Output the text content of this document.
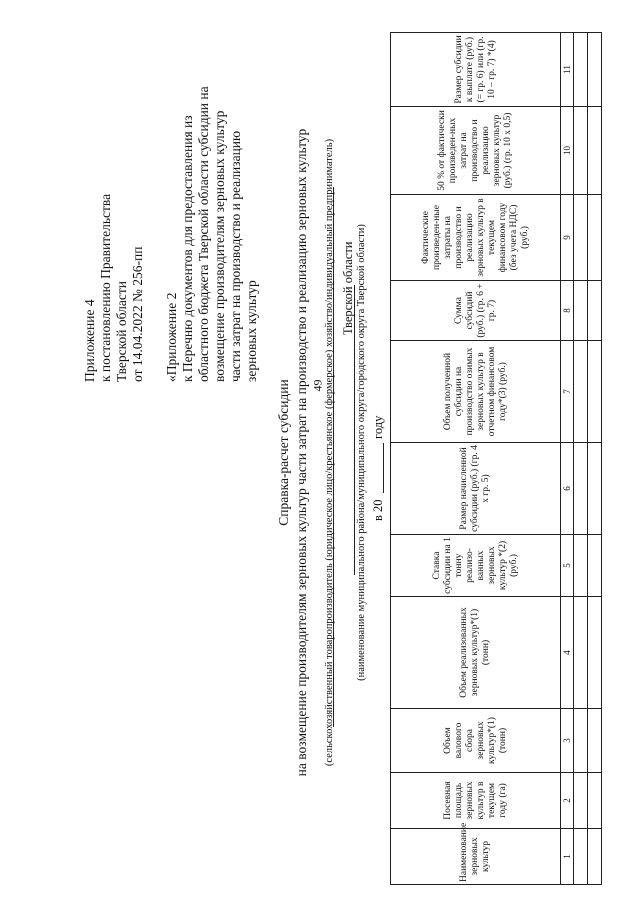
49
Приложение 4 к постановлению Правительства Тверской области от 14.04.2022 № 256-пп «Приложение 2 к Перечню документов для предоставления из областного бюджета Тверской области субсидии на возмещение производителям зерновых культур части затрат на производство и реализацию зерновых культур
Справка-расчет субсидии на возмещение производителям зерновых культур части затрат на производство и реализацию зерновых культур (сельскохозяйственный товаропроизводитель (юридическое лицо/крестьянское (фермерское) хозяйство/индивидуальный предприниматель) Тверской области (наименование муниципального района/муниципального округа/городского округа Тверской области) в 20
году
Наименование зерновых культур	Посевная площадь зерновых культур в текущем году (га)	Объем валового сбора зерновых культур*(1) (тонн)	Объем реализованных зерновых культур*(1) (тонн)	Ставка субсидии на 1 тонну реализо-ванных зерновых культур *(2) (руб.)	Размер начисленной субсидии (руб.) (гр. 4 х гр. 5)	Объем полученной субсидии на производство озимых зерновых культур в отчетном финансовом году*(3) (руб.)	Сумма субсидий (руб.) (гр. 6 + гр. 7)	Фактические произведен-ные затраты на производство и реализацию зерновых культур в текущем финансовом году (без учета НДС) (руб.)	50 % от фактически произведен-ных затрат на производство и реализацию зерновых культур (руб.) (гр. 10 х 0,5)	Размер субсидии к выплате (руб.) (= гр. 6) или (гр. 10 – гр. 7) *(4)
1	2	3	4	5	6	7	8	9	10	11
